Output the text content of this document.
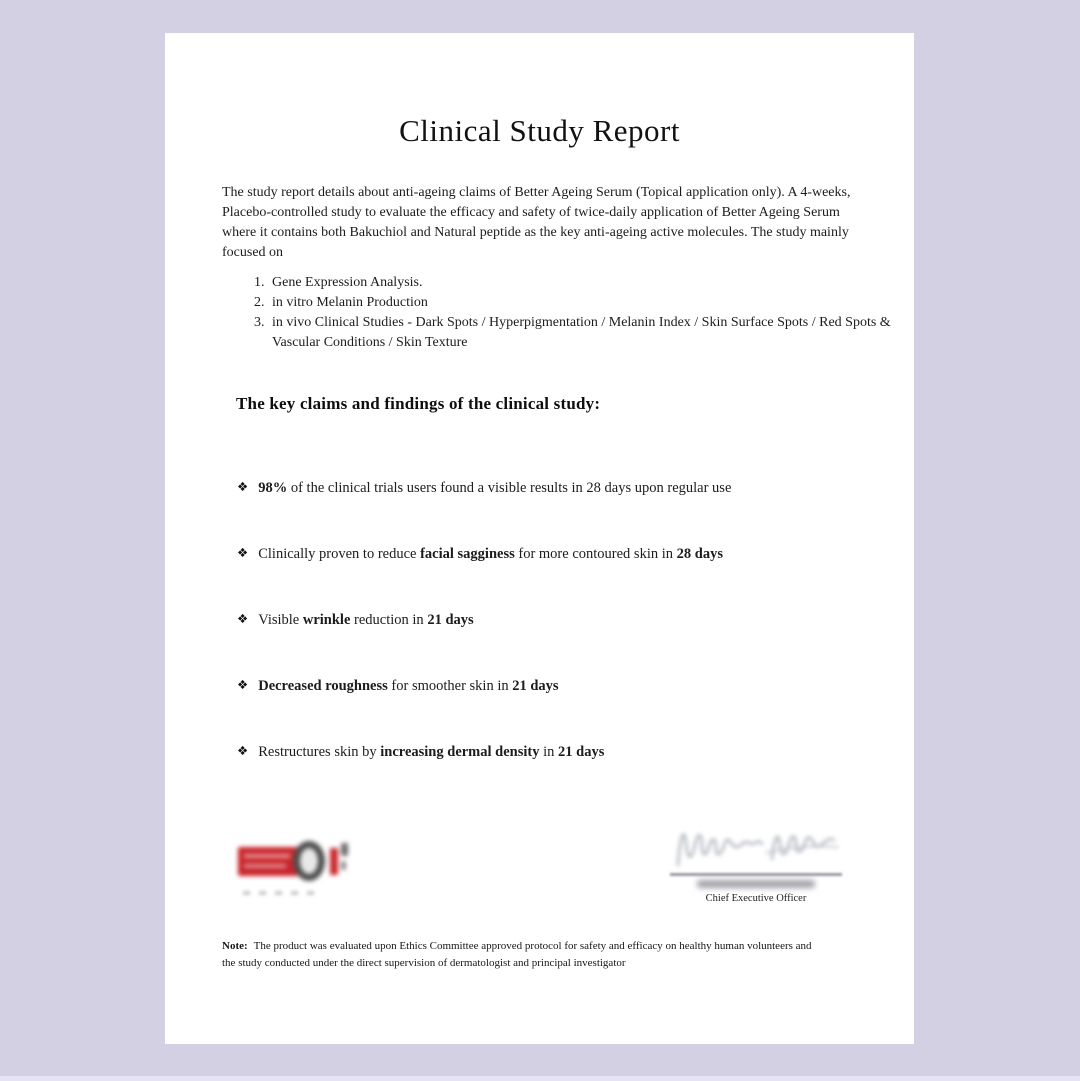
Clinical Study Report

The study report details about anti-ageing claims of Better Ageing Serum (Topical application only). A 4-weeks, Placebo-controlled study to evaluate the efficacy and safety of twice-daily application of Better Ageing Serum where it contains both Bakuchiol and Natural peptide as the key anti-ageing active molecules. The study mainly focused on

1. Gene Expression Analysis.
2. in vitro Melanin Production
3. in vivo Clinical Studies - Dark Spots / Hyperpigmentation / Melanin Index / Skin Surface Spots / Red Spots & Vascular Conditions / Skin Texture
The key claims and findings of the clinical study:
❖ 98% of the clinical trials users found a visible results in 28 days upon regular use
❖ Clinically proven to reduce facial sagginess for more contoured skin in 28 days
❖ Visible wrinkle reduction in 21 days
❖ Decreased roughness for smoother skin in 21 days
❖ Restructures skin by increasing dermal density in 21 days

Chief Executive Officer

Note: The product was evaluated upon Ethics Committee approved protocol for safety and efficacy on healthy human volunteers and the study conducted under the direct supervision of dermatologist and principal investigator
